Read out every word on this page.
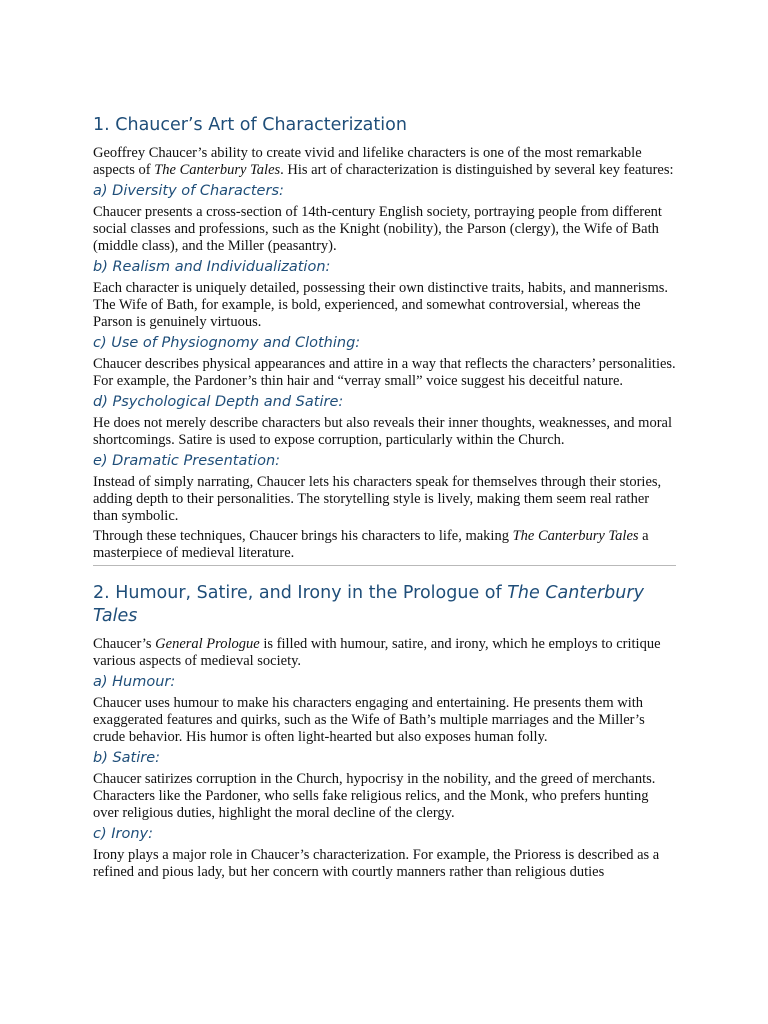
1. Chaucer’s Art of Characterization

Geoffrey Chaucer’s ability to create vivid and lifelike characters is one of the most remarkable aspects of The Canterbury Tales. His art of characterization is distinguished by several key features:

a) Diversity of Characters:

Chaucer presents a cross-section of 14th-century English society, portraying people from different social classes and professions, such as the Knight (nobility), the Parson (clergy), the Wife of Bath (middle class), and the Miller (peasantry).

b) Realism and Individualization:

Each character is uniquely detailed, possessing their own distinctive traits, habits, and mannerisms. The Wife of Bath, for example, is bold, experienced, and somewhat controversial, whereas the Parson is genuinely virtuous.

c) Use of Physiognomy and Clothing:

Chaucer describes physical appearances and attire in a way that reflects the characters’ personalities. For example, the Pardoner’s thin hair and “verray small” voice suggest his deceitful nature.

d) Psychological Depth and Satire:

He does not merely describe characters but also reveals their inner thoughts, weaknesses, and moral shortcomings. Satire is used to expose corruption, particularly within the Church.

e) Dramatic Presentation:

Instead of simply narrating, Chaucer lets his characters speak for themselves through their stories, adding depth to their personalities. The storytelling style is lively, making them seem real rather than symbolic.

Through these techniques, Chaucer brings his characters to life, making The Canterbury Tales a masterpiece of medieval literature.

2. Humour, Satire, and Irony in the Prologue of The Canterbury Tales

Chaucer’s General Prologue is filled with humour, satire, and irony, which he employs to critique various aspects of medieval society.

a) Humour:

Chaucer uses humour to make his characters engaging and entertaining. He presents them with exaggerated features and quirks, such as the Wife of Bath’s multiple marriages and the Miller’s crude behavior. His humor is often light-hearted but also exposes human folly.

b) Satire:

Chaucer satirizes corruption in the Church, hypocrisy in the nobility, and the greed of merchants. Characters like the Pardoner, who sells fake religious relics, and the Monk, who prefers hunting over religious duties, highlight the moral decline of the clergy.

c) Irony:

Irony plays a major role in Chaucer’s characterization. For example, the Prioress is described as a refined and pious lady, but her concern with courtly manners rather than religious duties
